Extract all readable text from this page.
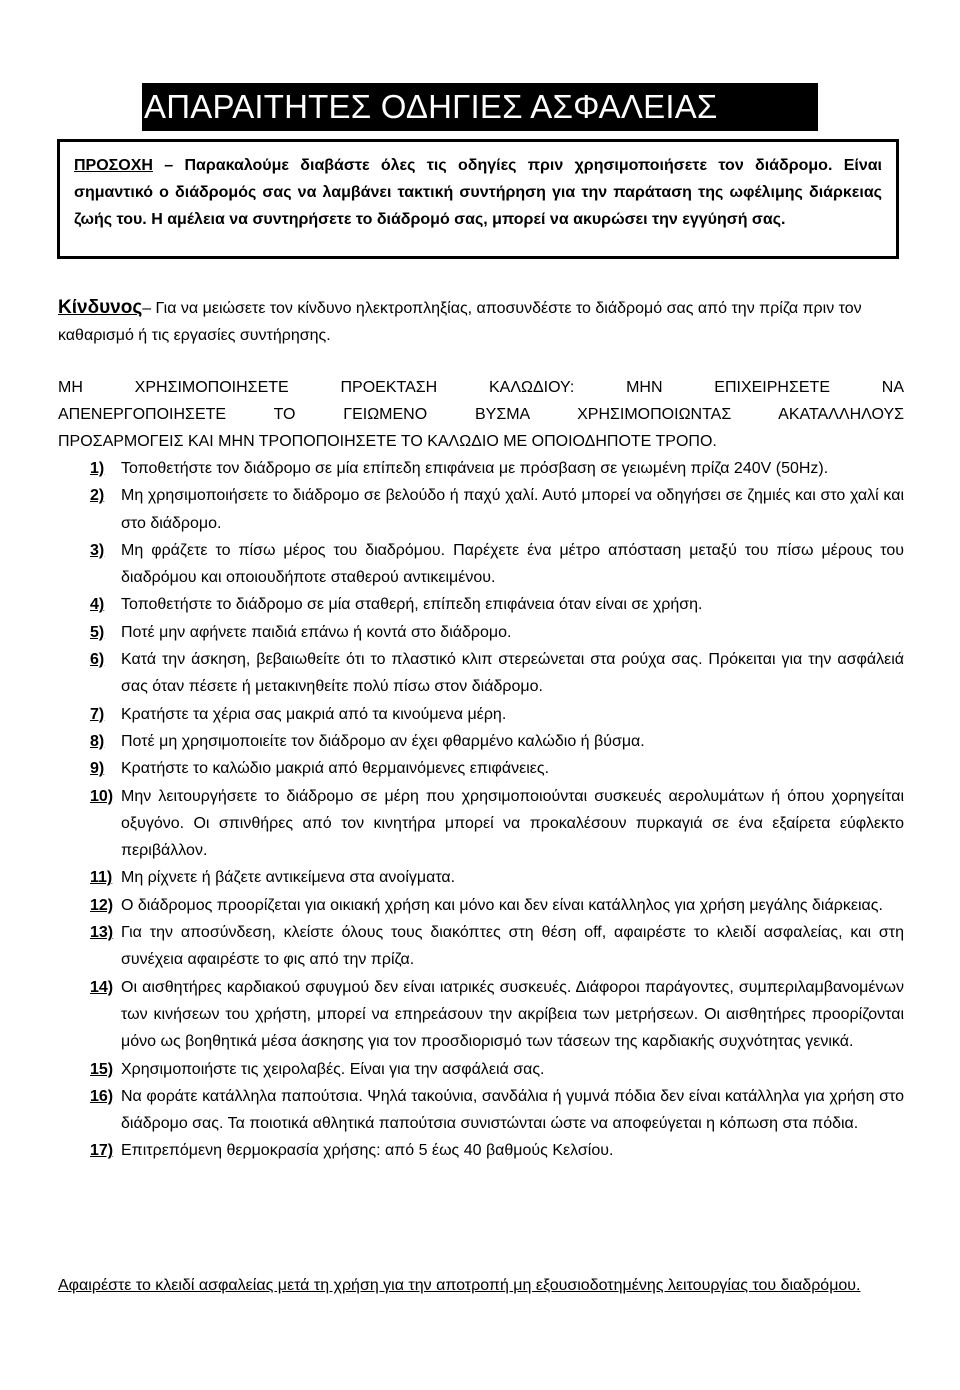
ΑΠΑΡΑΙΤΗΤΕΣ ΟΔΗΓΙΕΣ ΑΣΦΑΛΕΙΑΣ
ΠΡΟΣΟΧΗ – Παρακαλούμε διαβάστε όλες τις οδηγίες πριν χρησιμοποιήσετε τον διάδρομο. Είναι σημαντικό ο διάδρομός σας να λαμβάνει τακτική συντήρηση για την παράταση της ωφέλιμης διάρκειας ζωής του. Η αμέλεια να συντηρήσετε το διάδρομό σας, μπορεί να ακυρώσει την εγγύησή σας.
Κίνδυνος– Για να μειώσετε τον κίνδυνο ηλεκτροπληξίας, αποσυνδέστε το διάδρομό σας από την πρίζα πριν τον καθαρισμό ή τις εργασίες συντήρησης.
ΜΗ ΧΡΗΣΙΜΟΠΟΙΗΣΕΤΕ ΠΡΟΕΚΤΑΣΗ ΚΑΛΩΔΙΟΥ: ΜΗΝ ΕΠΙΧΕΙΡΗΣΕΤΕ ΝΑ
ΑΠΕΝΕΡΓΟΠΟΙΗΣΕΤΕ ΤΟ ΓΕΙΩΜΕΝΟ ΒΥΣΜΑ ΧΡΗΣΙΜΟΠΟΙΩΝΤΑΣ ΑΚΑΤΑΛΛΗΛΟΥΣ
ΠΡΟΣΑΡΜΟΓΕΙΣ ΚΑΙ ΜΗΝ ΤΡΟΠΟΠΟΙΗΣΕΤΕ ΤΟ ΚΑΛΩΔΙΟ ΜΕ ΟΠΟΙΟΔΗΠΟΤΕ ΤΡΟΠΟ.
1) Τοποθετήστε τον διάδρομο σε μία επίπεδη επιφάνεια με πρόσβαση σε γειωμένη πρίζα 240V (50Hz).
2) Μη χρησιμοποιήσετε το διάδρομο σε βελούδο ή παχύ χαλί. Αυτό μπορεί να οδηγήσει σε ζημιές και στο χαλί και στο διάδρομο.
3) Μη φράζετε το πίσω μέρος του διαδρόμου. Παρέχετε ένα μέτρο απόσταση μεταξύ του πίσω μέρους του διαδρόμου και οποιουδήποτε σταθερού αντικειμένου.
4) Τοποθετήστε το διάδρομο σε μία σταθερή, επίπεδη επιφάνεια όταν είναι σε χρήση.
5) Ποτέ μην αφήνετε παιδιά επάνω ή κοντά στο διάδρομο.
6) Κατά την άσκηση, βεβαιωθείτε ότι το πλαστικό κλιπ στερεώνεται στα ρούχα σας. Πρόκειται για την ασφάλειά σας όταν πέσετε ή μετακινηθείτε πολύ πίσω στον διάδρομο.
7) Κρατήστε τα χέρια σας μακριά από τα κινούμενα μέρη.
8) Ποτέ μη χρησιμοποιείτε τον διάδρομο αν έχει φθαρμένο καλώδιο ή βύσμα.
9) Κρατήστε το καλώδιο μακριά από θερμαινόμενες επιφάνειες.
10) Μην λειτουργήσετε το διάδρομο σε μέρη που χρησιμοποιούνται συσκευές αερολυμάτων ή όπου χορηγείται οξυγόνο. Οι σπινθήρες από τον κινητήρα μπορεί να προκαλέσουν πυρκαγιά σε ένα εξαίρετα εύφλεκτο περιβάλλον.
11) Μη ρίχνετε ή βάζετε αντικείμενα στα ανοίγματα.
12) Ο διάδρομος προορίζεται για οικιακή χρήση και μόνο και δεν είναι κατάλληλος για χρήση μεγάλης διάρκειας.
13) Για την αποσύνδεση, κλείστε όλους τους διακόπτες στη θέση off, αφαιρέστε το κλειδί ασφαλείας, και στη συνέχεια αφαιρέστε το φις από την πρίζα.
14) Οι αισθητήρες καρδιακού σφυγμού δεν είναι ιατρικές συσκευές. Διάφοροι παράγοντες, συμπεριλαμβανομένων των κινήσεων του χρήστη, μπορεί να επηρεάσουν την ακρίβεια των μετρήσεων. Οι αισθητήρες προορίζονται μόνο ως βοηθητικά μέσα άσκησης για τον προσδιορισμό των τάσεων της καρδιακής συχνότητας γενικά.
15) Χρησιμοποιήστε τις χειρολαβές. Είναι για την ασφάλειά σας.
16) Να φοράτε κατάλληλα παπούτσια. Ψηλά τακούνια, σανδάλια ή γυμνά πόδια δεν είναι κατάλληλα για χρήση στο διάδρομο σας. Τα ποιοτικά αθλητικά παπούτσια συνιστώνται ώστε να αποφεύγεται η κόπωση στα πόδια.
17) Επιτρεπόμενη θερμοκρασία χρήσης: από 5 έως 40 βαθμούς Κελσίου.
Αφαιρέστε το κλειδί ασφαλείας μετά τη χρήση για την αποτροπή μη εξουσιοδοτημένης λειτουργίας του διαδρόμου.
